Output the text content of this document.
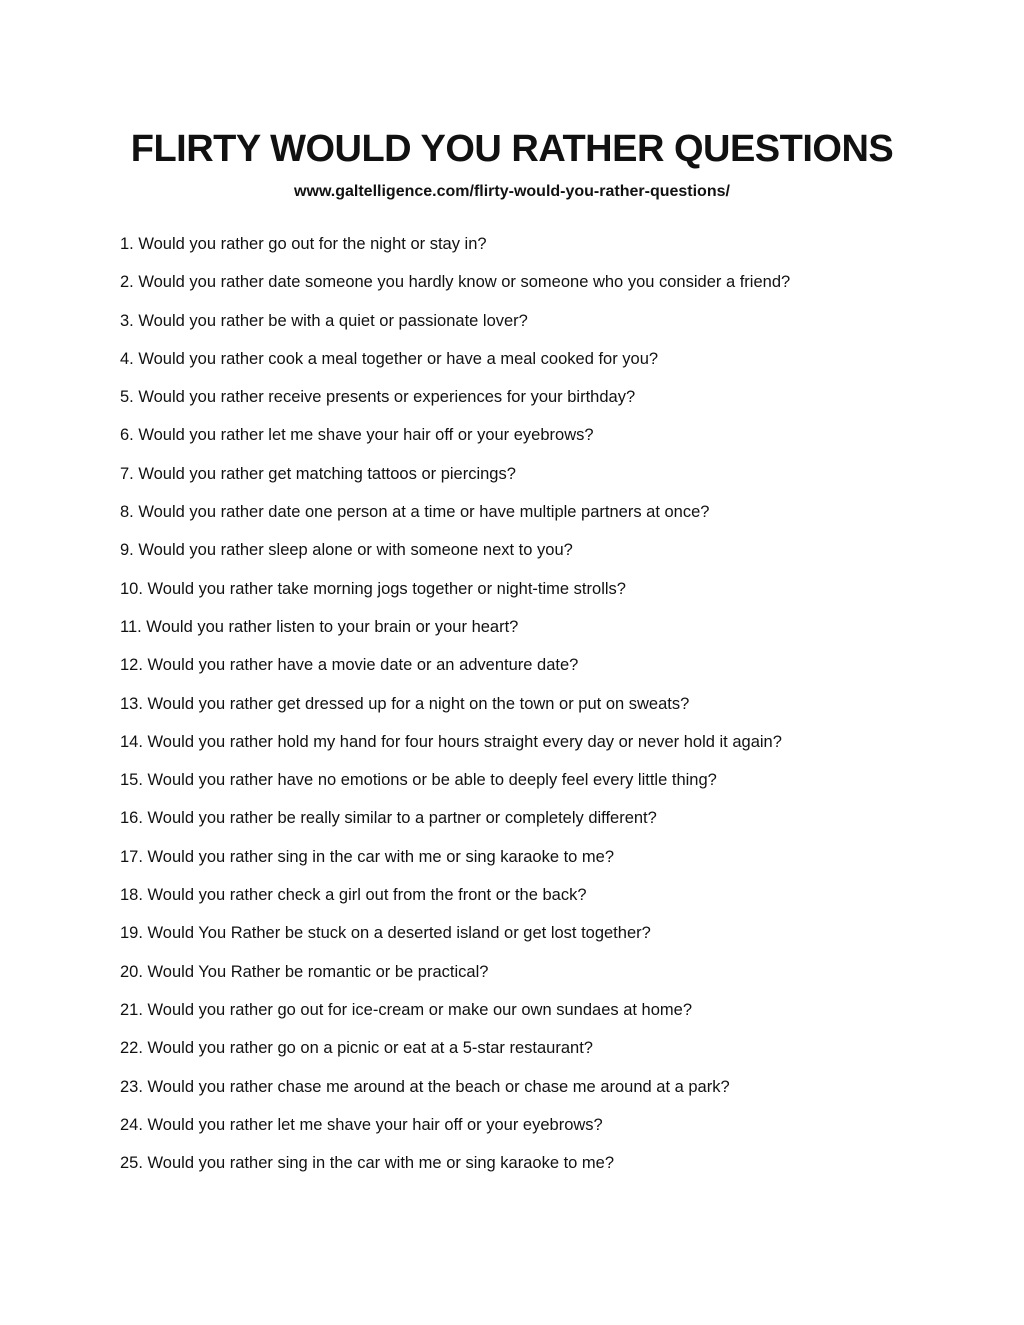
FLIRTY WOULD YOU RATHER QUESTIONS
www.galtelligence.com/flirty-would-you-rather-questions/
1. Would you rather go out for the night or stay in?
2. Would you rather date someone you hardly know or someone who you consider a friend?
3. Would you rather be with a quiet or passionate lover?
4. Would you rather cook a meal together or have a meal cooked for you?
5. Would you rather receive presents or experiences for your birthday?
6. Would you rather let me shave your hair off or your eyebrows?
7. Would you rather get matching tattoos or piercings?
8. Would you rather date one person at a time or have multiple partners at once?
9. Would you rather sleep alone or with someone next to you?
10. Would you rather take morning jogs together or night-time strolls?
11. Would you rather listen to your brain or your heart?
12. Would you rather have a movie date or an adventure date?
13. Would you rather get dressed up for a night on the town or put on sweats?
14. Would you rather hold my hand for four hours straight every day or never hold it again?
15. Would you rather have no emotions or be able to deeply feel every little thing?
16. Would you rather be really similar to a partner or completely different?
17. Would you rather sing in the car with me or sing karaoke to me?
18. Would you rather check a girl out from the front or the back?
19. Would You Rather be stuck on a deserted island or get lost together?
20. Would You Rather be romantic or be practical?
21. Would you rather go out for ice-cream or make our own sundaes at home?
22. Would you rather go on a picnic or eat at a 5-star restaurant?
23. Would you rather chase me around at the beach or chase me around at a park?
24. Would you rather let me shave your hair off or your eyebrows?
25. Would you rather sing in the car with me or sing karaoke to me?
